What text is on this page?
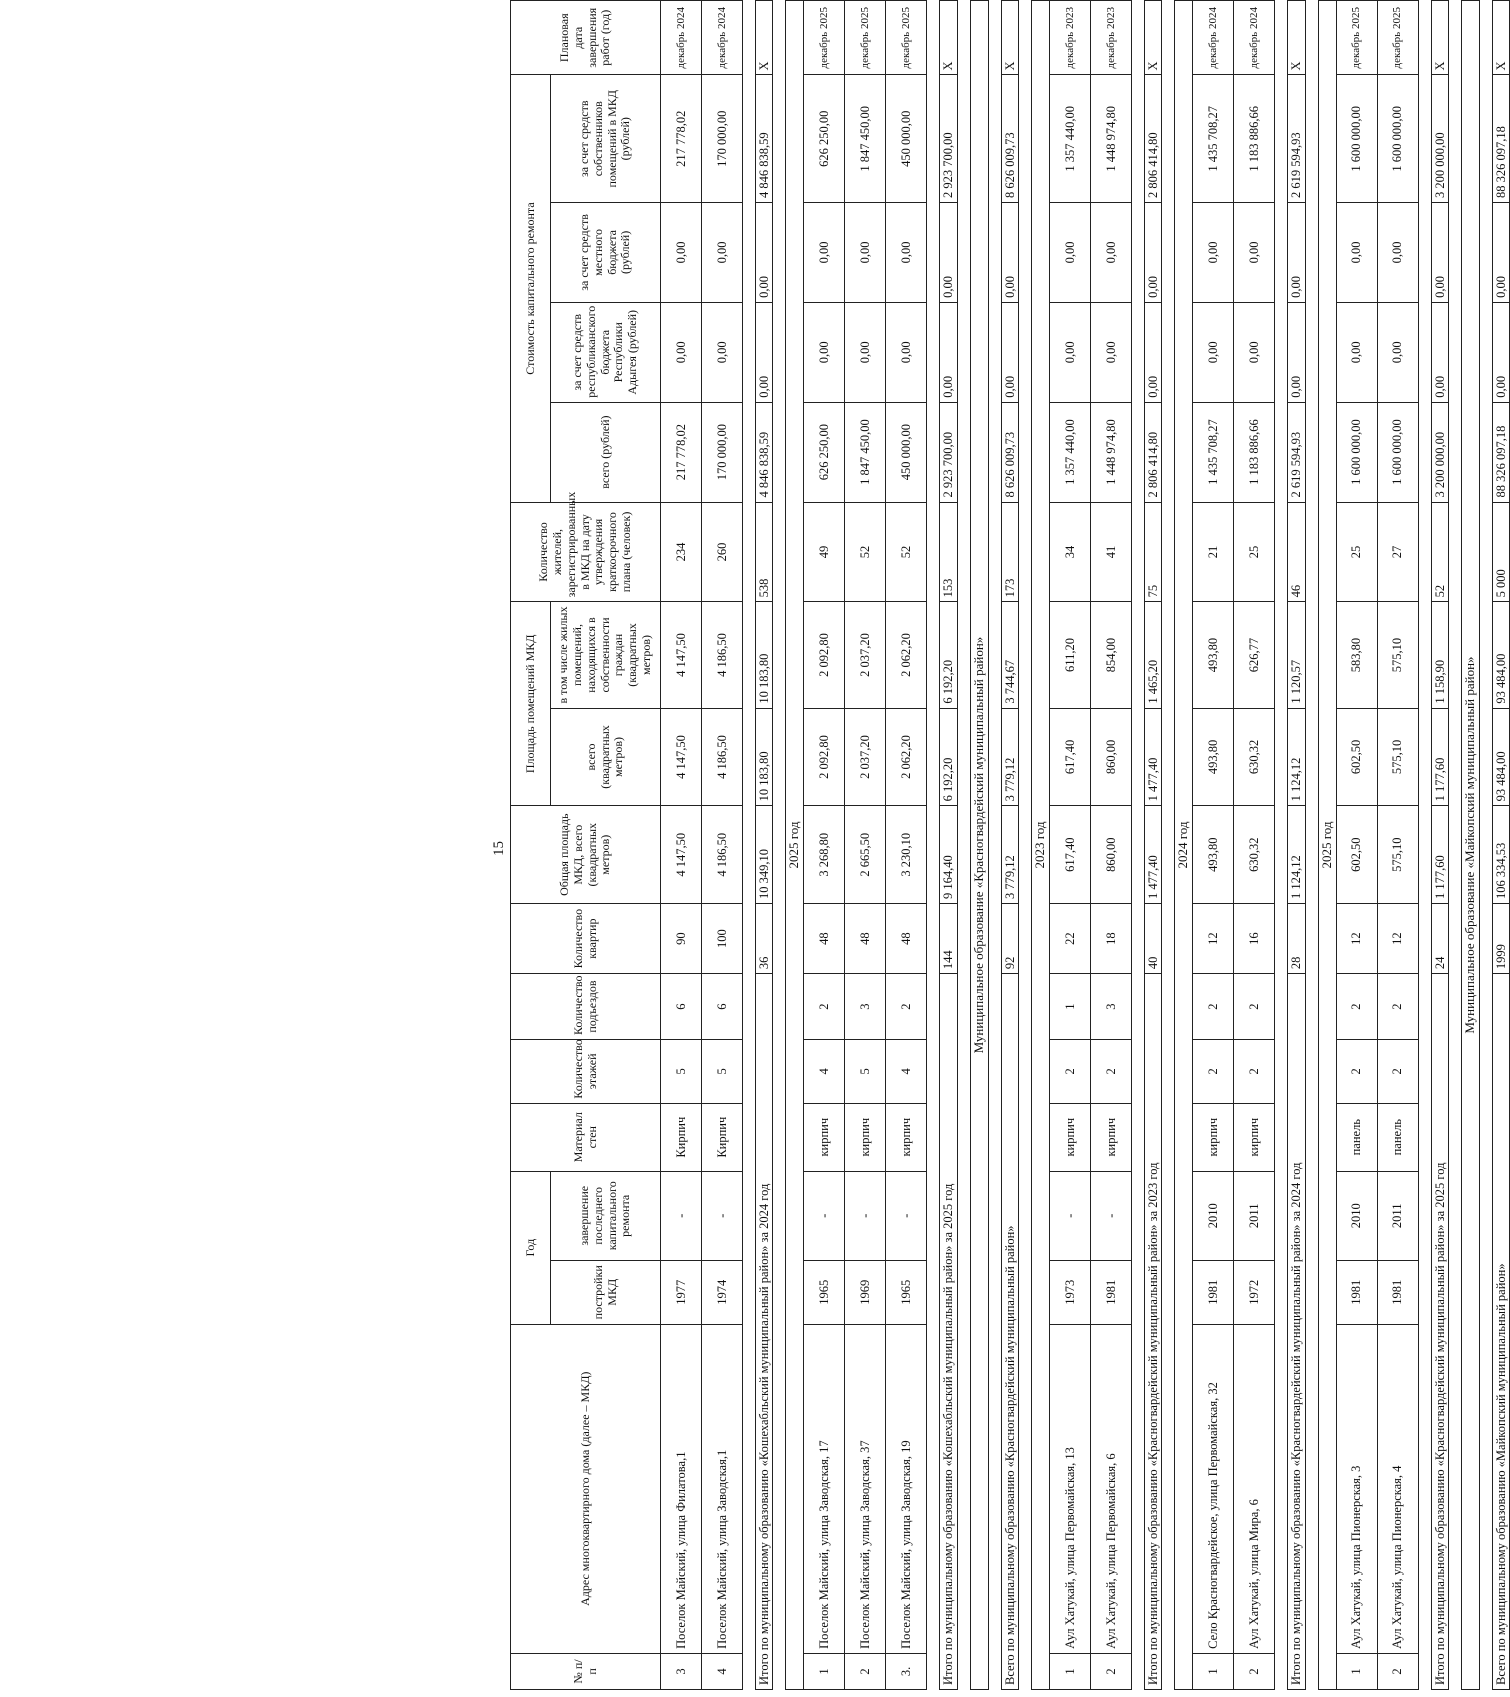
15
№ п/п	Адрес многоквартирного дома (далее – МКД)	Год		Материал стен	Количество этажей	Количество подъездов	Количество квартир	Общая площадь МКД, всего (квадратных метров)	Площадь помещений МКД		Количество жителей, зарегистрированных в МКД на дату утверждения краткосрочного плана (человек)	Стоимость капитального ремонта				Плановая дата завершения работ (год)
		постройки МКД	завершение последнего капитального ремонта						всего (квадратных метров)	в том числе жилых помещений, находящихся в собственности граждан (квадратных метров)		всего (рублей)	за счет средств республиканского бюджета Республики Адыгея (рублей)	за счет средств местного бюджета (рублей)	за счет средств собственников помещений в МКД (рублей)	

3	Поселок Майский, улица Филатова,1	1977	-	Кирпич	5	6	90	4 147,50	4 147,50	4 147,50	234	217 778,02	0,00	0,00	217 778,02	декабрь 2024
4	Поселок Майский, улица Заводская,1	1974	-	Кирпич	5	6	100	4 186,50	4 186,50	4 186,50	260	170 000,00	0,00	0,00	170 000,00	декабрь 2024

Итого по муниципальному образованию «Кошехабльский муниципальный район» за 2024 год							36	10 349,10	10 183,80	10 183,80	538	4 846 838,59	0,00	0,00	4 846 838,59	Х

2025 год																
1	Поселок Майский, улица Заводская, 17	1965	-	кирпич	4	2	48	3 268,80	2 092,80	2 092,80	49	626 250,00	0,00	0,00	626 250,00	декабрь 2025
2	Поселок Майский, улица Заводская, 37	1969	-	кирпич	5	3	48	2 665,50	2 037,20	2 037,20	52	1 847 450,00	0,00	0,00	1 847 450,00	декабрь 2025
3.	Поселок Майский, улица Заводская, 19	1965	-	кирпич	4	2	48	3 230,10	2 062,20	2 062,20	52	450 000,00	0,00	0,00	450 000,00	декабрь 2025

Итого по муниципальному образованию «Кошехабльский муниципальный район» за 2025 год							144	9 164,40	6 192,20	6 192,20	153	2 923 700,00	0,00	0,00	2 923 700,00	Х

Муниципальное образование «Красногвардейский муниципальный район»																

Всего по муниципальному образованию «Красногвардейский муниципальный район»							92	3 779,12	3 779,12	3 744,67	173	8 626 009,73	0,00	0,00	8 626 009,73	Х

2023 год																
1	Аул Хатукай, улица Первомайская, 13	1973	-	кирпич	2	1	22	617,40	617,40	611,20	34	1 357 440,00	0,00	0,00	1 357 440,00	декабрь 2023
2	Аул Хатукай, улица Первомайская, 6	1981	-	кирпич	2	3	18	860,00	860,00	854,00	41	1 448 974,80	0,00	0,00	1 448 974,80	декабрь 2023

Итого по муниципальному образованию «Красногвардейский муниципальный район» за 2023 год							40	1 477,40	1 477,40	1 465,20	75	2 806 414,80	0,00	0,00	2 806 414,80	Х

2024 год																
1	Село Красногвардейское, улица Первомайская, 32	1981	2010	кирпич	2	2	12	493,80	493,80	493,80	21	1 435 708,27	0,00	0,00	1 435 708,27	декабрь 2024
2	Аул Хатукай, улица Мира, 6	1972	2011	кирпич	2	2	16	630,32	630,32	626,77	25	1 183 886,66	0,00	0,00	1 183 886,66	декабрь 2024

Итого по муниципальному образованию «Красногвардейский муниципальный район» за 2024 год							28	1 124,12	1 124,12	1 120,57	46	2 619 594,93	0,00	0,00	2 619 594,93	Х

2025 год																
1	Аул Хатукай, улица Пионерская, 3	1981	2010	панель	2	2	12	602,50	602,50	583,80	25	1 600 000,00	0,00	0,00	1 600 000,00	декабрь 2025
2	Аул Хатукай, улица Пионерская, 4	1981	2011	панель	2	2	12	575,10	575,10	575,10	27	1 600 000,00	0,00	0,00	1 600 000,00	декабрь 2025

Итого по муниципальному образованию «Красногвардейский муниципальный район» за 2025 год							24	1 177,60	1 177,60	1 158,90	52	3 200 000,00	0,00	0,00	3 200 000,00	Х

Муниципальное образование «Майкопский муниципальный район»																

Всего по муниципальному образованию «Майкопский муниципальный район»							1999	106 334,53	93 484,00	93 484,00	5 000	88 326 097,18	0,00	0,00	88 326 097,18	Х
